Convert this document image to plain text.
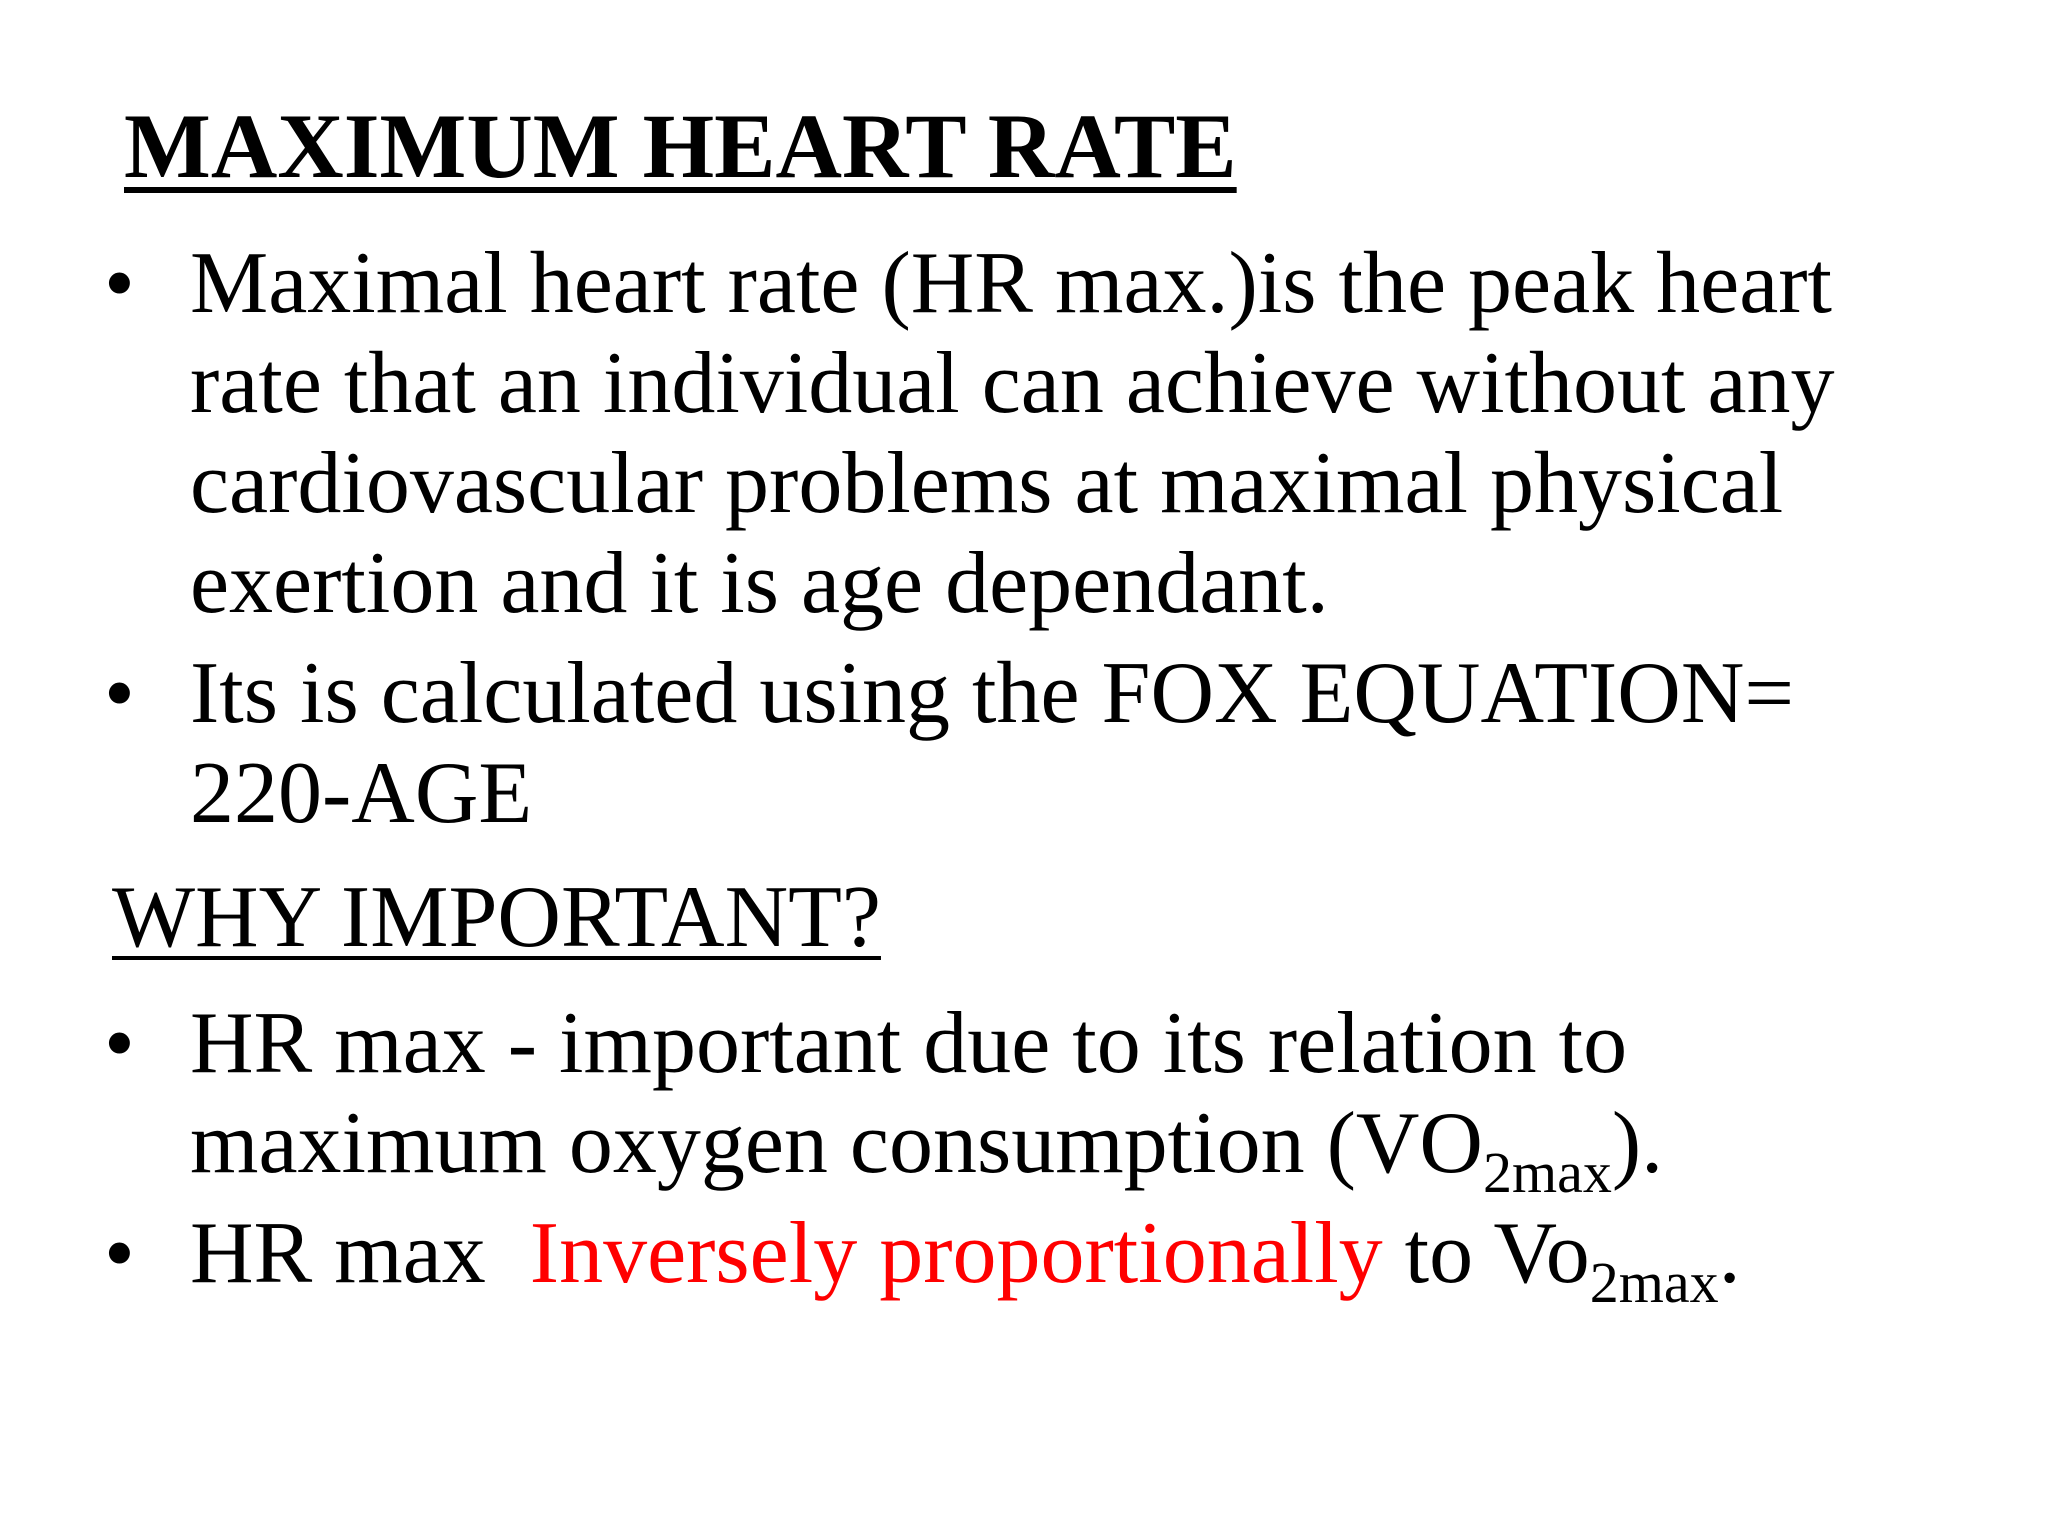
MAXIMUM HEART RATE
• Maximal heart rate (HR max.)is the peak heart rate that an individual can achieve without any cardiovascular problems at maximal physical exertion and it is age dependant.
• Its is calculated using the FOX EQUATION= 220-AGE
WHY IMPORTANT?
• HR max - important due to its relation to maximum oxygen consumption $(VO_{2max})$.
• HR max  Inversely proportionally to $Vo_{2max}$.
